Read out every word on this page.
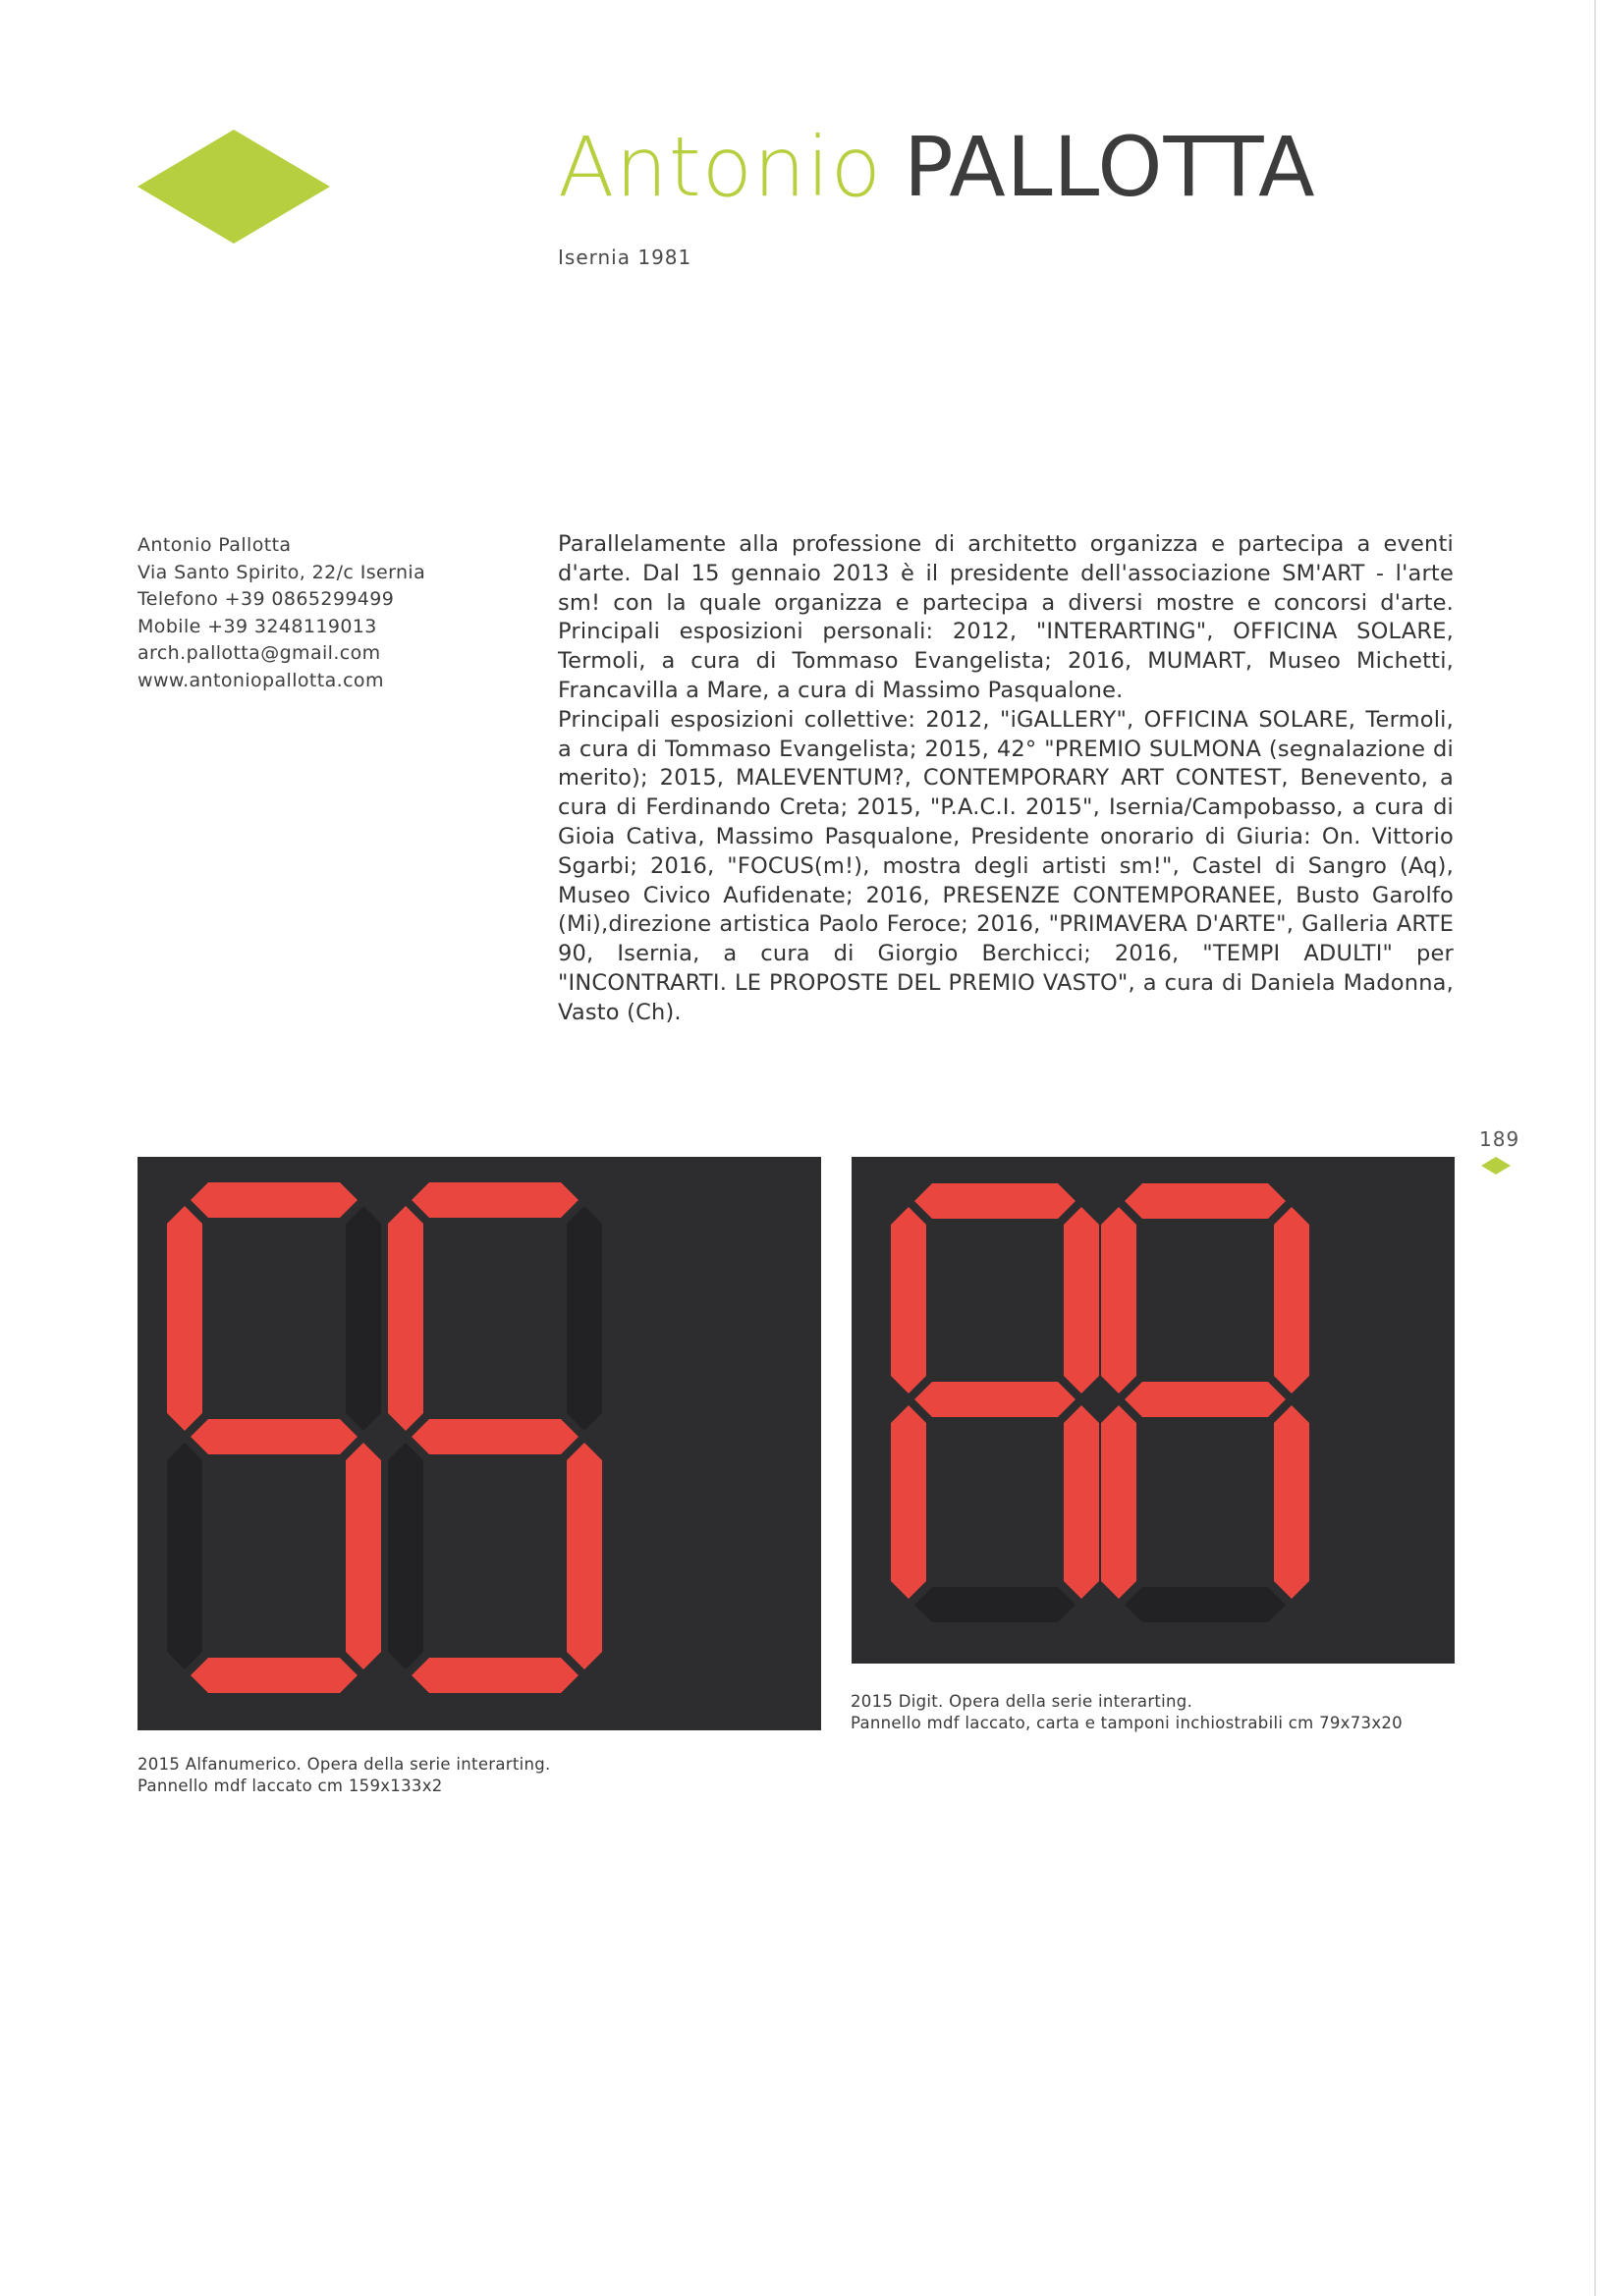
Antonio PALLOTTA
Isernia 1981
Antonio Pallotta
Via Santo Spirito, 22/c Isernia
Telefono +39 0865299499
Mobile +39 3248119013
arch.pallotta@gmail.com
www.antoniopallotta.com

Parallelamente alla professione di architetto organizza e partecipa a eventi d'arte. Dal 15 gennaio 2013 è il presidente dell'associazione SM'ART - l'arte sm! con la quale organizza e partecipa a diversi mostre e concorsi d'arte. Principali esposizioni personali: 2012, "INTERARTING", OFFICINA SOLARE, Termoli, a cura di Tommaso Evangelista; 2016, MUMART, Museo Michetti, Francavilla a Mare, a cura di Massimo Pasqualone.

Principali esposizioni collettive: 2012, "iGALLERY", OFFICINA SOLARE, Termoli, a cura di Tommaso Evangelista; 2015, 42° "PREMIO SULMONA (segnalazione di merito); 2015, MALEVENTUM?, CONTEMPORARY ART CONTEST, Benevento, a cura di Ferdinando Creta; 2015, "P.A.C.I. 2015", Isernia/Campobasso, a cura di Gioia Cativa, Massimo Pasqualone, Presidente onorario di Giuria: On. Vittorio Sgarbi; 2016, "FOCUS(m!), mostra degli artisti sm!", Castel di Sangro (Aq), Museo Civico Aufidenate; 2016, PRESENZE CONTEMPORANEE, Busto Garolfo (Mi),direzione artistica Paolo Feroce; 2016, "PRIMAVERA D'ARTE", Galleria ARTE 90, Isernia, a cura di Giorgio Berchicci; 2016, "TEMPI ADULTI" per "INCONTRARTI. LE PROPOSTE DEL PREMIO VASTO", a cura di Daniela Madonna, Vasto (Ch).

189
2015 Alfanumerico. Opera della serie interarting.
Pannello mdf laccato cm 159x133x2
2015 Digit. Opera della serie interarting.
Pannello mdf laccato, carta e tamponi inchiostrabili cm 79x73x20
